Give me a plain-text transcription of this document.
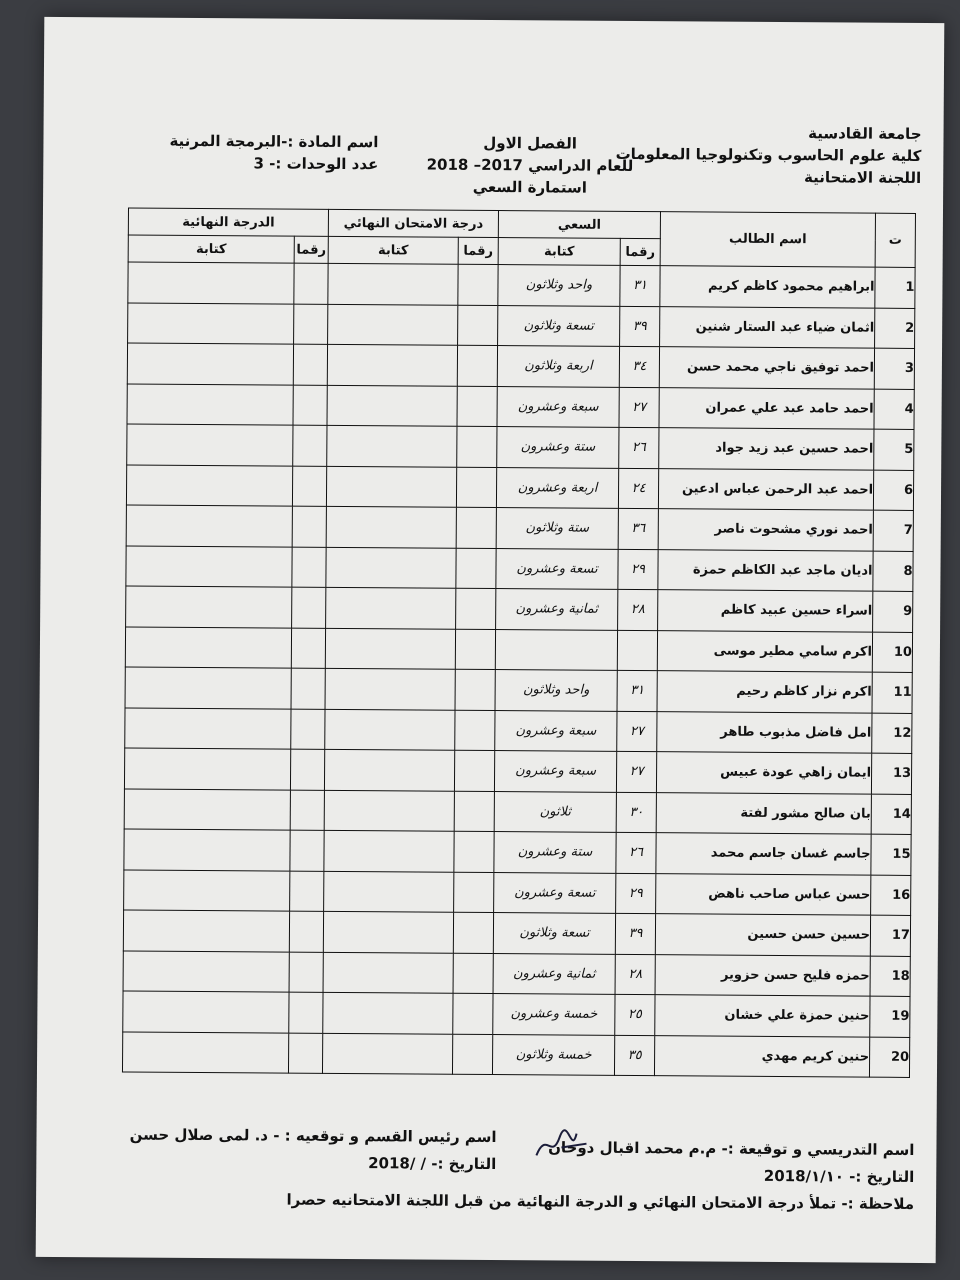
جامعة القادسية
كلية علوم الحاسوب وتكنولوجيا المعلومات
اللجنة الامتحانية
الفصل الاول
للعام الدراسي 2017– 2018
استمارة السعي
اسم المادة :-البرمجة المرنية
عدد الوحدات :- 3
ت	اسم الطالب	السعي		درجة الامتحان النهائي		الدرجة النهائية	
		رقما	كتابة	رقما	كتابة	رقما	كتابة
1	ابراهيم محمود كاظم كريم	٣١	واحد وثلاثون				
2	اثمان ضياء عبد الستار شنين	٣٩	تسعة وثلاثون				
3	احمد توفيق ناجي محمد حسن	٣٤	اربعة وثلاثون				
4	احمد حامد عبد علي عمران	٢٧	سبعة وعشرون				
5	احمد حسين عبد زيد جواد	٢٦	ستة وعشرون				
6	احمد عبد الرحمن عباس ادعين	٢٤	اربعة وعشرون				
7	احمد نوري مشحوت ناصر	٣٦	ستة وثلاثون				
8	اديان ماجد عبد الكاظم حمزة	٢٩	تسعة وعشرون				
9	اسراء حسين عبيد كاظم	٢٨	ثمانية وعشرون				
10	اكرم سامي مطير موسى						
11	اكرم نزار كاظم رحيم	٣١	واحد وثلاثون				
12	امل فاضل مذبوب طاهر	٢٧	سبعة وعشرون				
13	ايمان زاهي عودة عبيس	٢٧	سبعة وعشرون				
14	بان صالح مشور لفتة	٣٠	ثلاثون				
15	جاسم غسان جاسم محمد	٢٦	ستة وعشرون				
16	حسن عباس صاحب ناهض	٢٩	تسعة وعشرون				
17	حسين حسن حسين	٣٩	تسعة وثلاثون				
18	حمزه فليح حسن حزوير	٢٨	ثمانية وعشرون				
19	حنين حمزة علي خشان	٢٥	خمسة وعشرون				
20	حنين كريم مهدي	٣٥	خمسة وثلاثون				
اسم التدريسي و توقيعة :- م.م محمد اقبال دوحان
التاريخ :- 2018/١/١٠
ملاحظة :- تملأ درجة الامتحان النهائي و الدرجة النهائية من قبل اللجنة الامتحانيه حصرا
اسم رئيس القسم و توقعيه : - د. لمى صلال حسن
التاريخ :- / /2018
